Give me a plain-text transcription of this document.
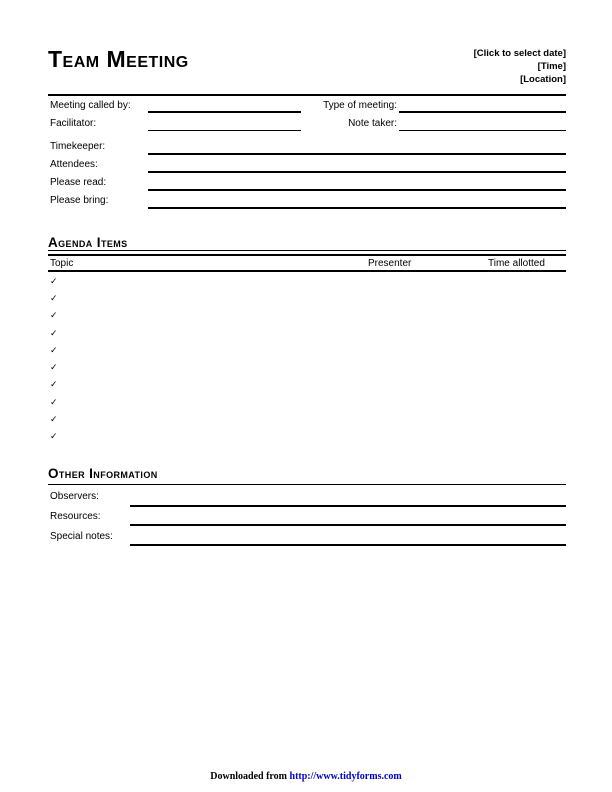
Team Meeting	[Click to select date]
[Time]
[Location]
Meeting called by:	Type of meeting:
Facilitator:	Note taker:
Timekeeper:
Attendees:
Please read:
Please bring:
Agenda Items
Topic	Presenter	Time allotted
✓
✓
✓
✓
✓
✓
✓
✓
✓
✓
Other Information
Observers:
Resources:
Special notes:
Downloaded from http://www.tidyforms.com
